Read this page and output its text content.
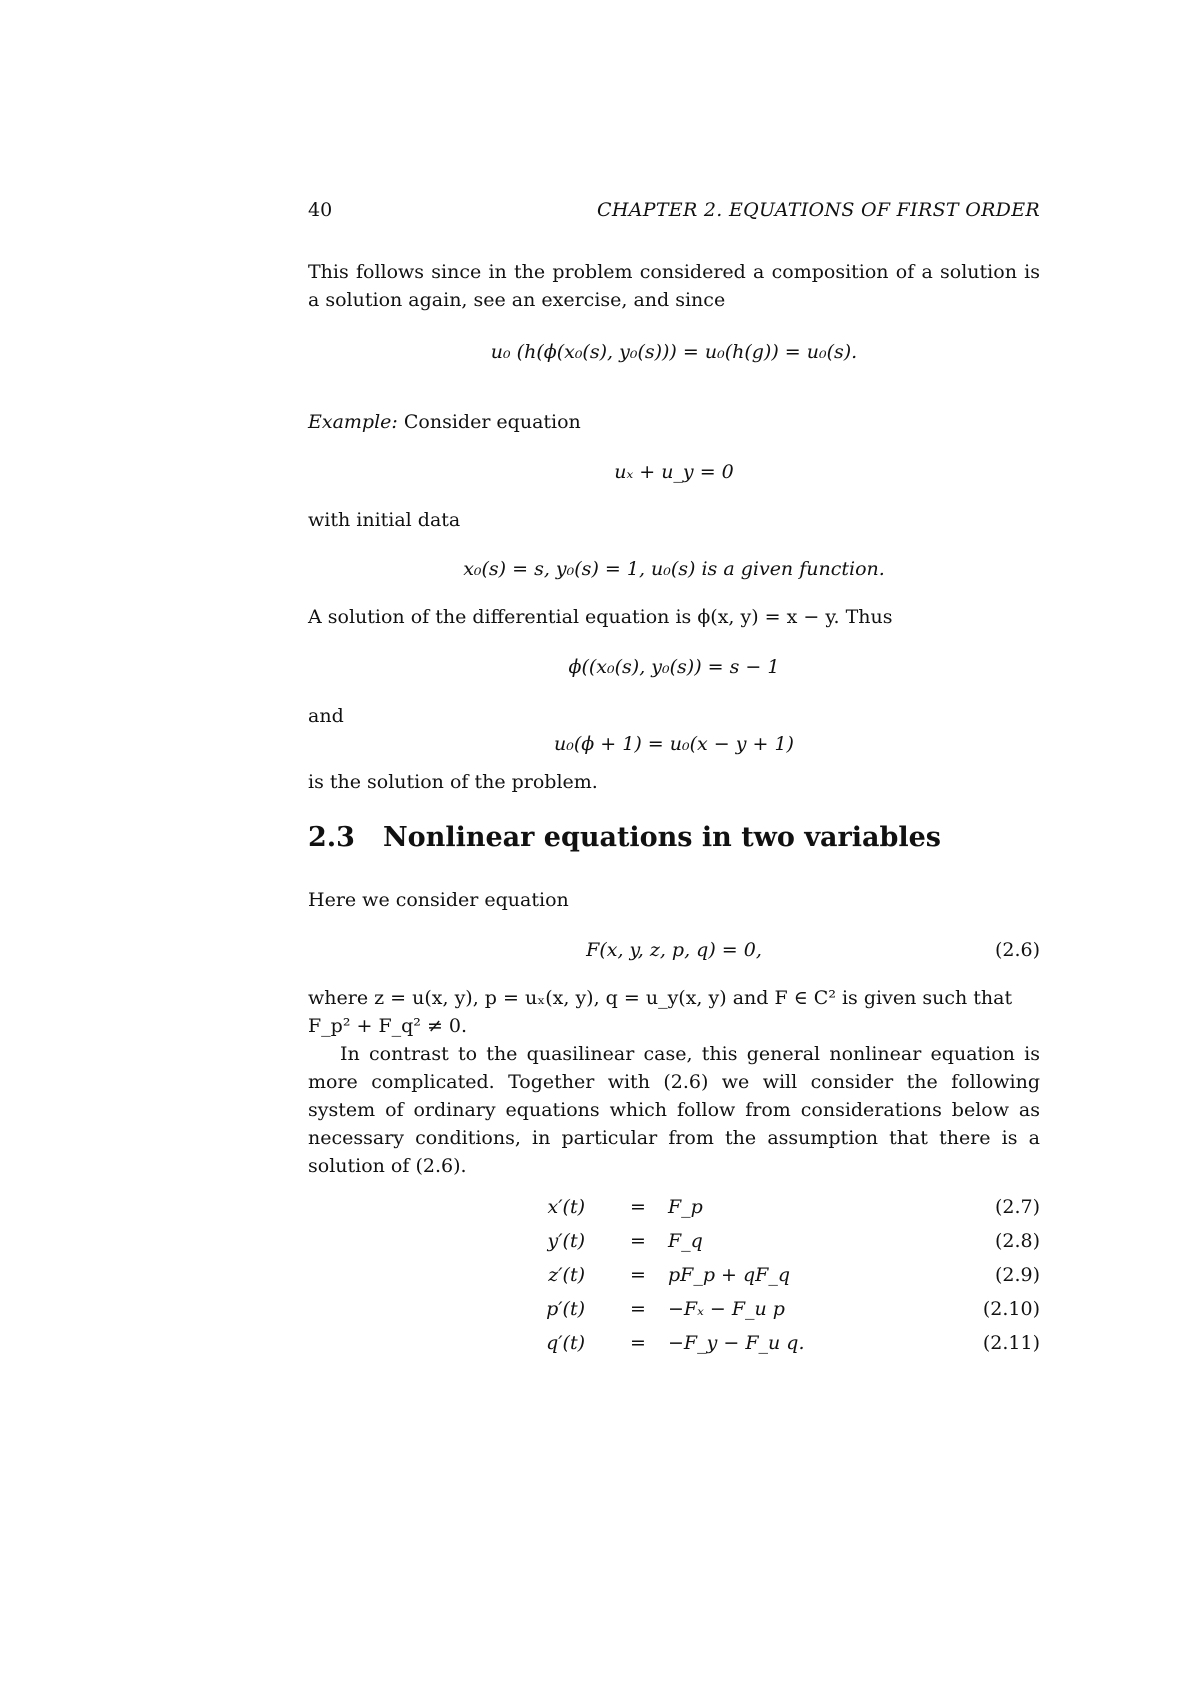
40	CHAPTER 2. EQUATIONS OF FIRST ORDER
This follows since in the problem considered a composition of a solution is a solution again, see an exercise, and since
u₀ (h(ϕ(x₀(s), y₀(s))) = u₀(h(g)) = u₀(s).
Example: Consider equation
uₓ + u_y = 0
with initial data
x₀(s) = s, y₀(s) = 1, u₀(s) is a given function.
A solution of the differential equation is ϕ(x, y) = x − y. Thus
ϕ((x₀(s), y₀(s)) = s − 1
and
u₀(ϕ + 1) = u₀(x − y + 1)
is the solution of the problem.
2.3 Nonlinear equations in two variables
Here we consider equation
F(x, y, z, p, q) = 0,	(2.6)
where z = u(x, y), p = uₓ(x, y), q = u_y(x, y) and F ∈ C² is given such that
F_p² + F_q² ≠ 0.
In contrast to the quasilinear case, this general nonlinear equation is more complicated. Together with (2.6) we will consider the following system of ordinary equations which follow from considerations below as necessary conditions, in particular from the assumption that there is a solution of (2.6).
x′(t) = F_p	(2.7)
y′(t) = F_q	(2.8)
z′(t) = pF_p + qF_q	(2.9)
p′(t) = −Fₓ − F_u p	(2.10)
q′(t) = −F_y − F_u q.	(2.11)
